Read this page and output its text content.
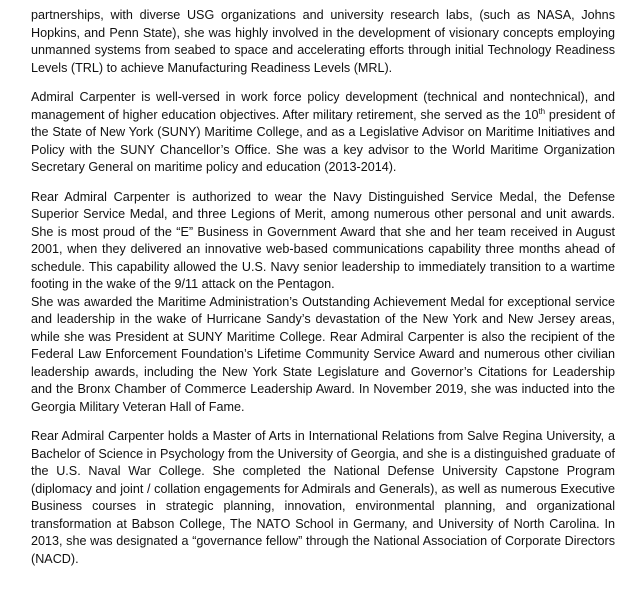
partnerships, with diverse USG organizations and university research labs, (such as NASA, Johns Hopkins, and Penn State), she was highly involved in the development of visionary concepts employing unmanned systems from seabed to space and accelerating efforts through initial Technology Readiness Levels (TRL) to achieve Manufacturing Readiness Levels (MRL).

Admiral Carpenter is well-versed in work force policy development (technical and nontechnical), and management of higher education objectives. After military retirement, she served as the 10th president of the State of New York (SUNY) Maritime College, and as a Legislative Advisor on Maritime Initiatives and Policy with the SUNY Chancellor’s Office. She was a key advisor to the World Maritime Organization Secretary General on maritime policy and education (2013-2014).

Rear Admiral Carpenter is authorized to wear the Navy Distinguished Service Medal, the Defense Superior Service Medal, and three Legions of Merit, among numerous other personal and unit awards. She is most proud of the “E” Business in Government Award that she and her team received in August 2001, when they delivered an innovative web-based communications capability three months ahead of schedule. This capability allowed the U.S. Navy senior leadership to immediately transition to a wartime footing in the wake of the 9/11 attack on the Pentagon.

She was awarded the Maritime Administration’s Outstanding Achievement Medal for exceptional service and leadership in the wake of Hurricane Sandy’s devastation of the New York and New Jersey areas, while she was President at SUNY Maritime College. Rear Admiral Carpenter is also the recipient of the Federal Law Enforcement Foundation’s Lifetime Community Service Award and numerous other civilian leadership awards, including the New York State Legislature and Governor’s Citations for Leadership and the Bronx Chamber of Commerce Leadership Award. In November 2019, she was inducted into the Georgia Military Veteran Hall of Fame.

Rear Admiral Carpenter holds a Master of Arts in International Relations from Salve Regina University, a Bachelor of Science in Psychology from the University of Georgia, and she is a distinguished graduate of the U.S. Naval War College. She completed the National Defense University Capstone Program (diplomacy and joint / collation engagements for Admirals and Generals), as well as numerous Executive Business courses in strategic planning, innovation, environmental planning, and organizational transformation at Babson College, The NATO School in Germany, and University of North Carolina. In 2013, she was designated a “governance fellow” through the National Association of Corporate Directors (NACD).
